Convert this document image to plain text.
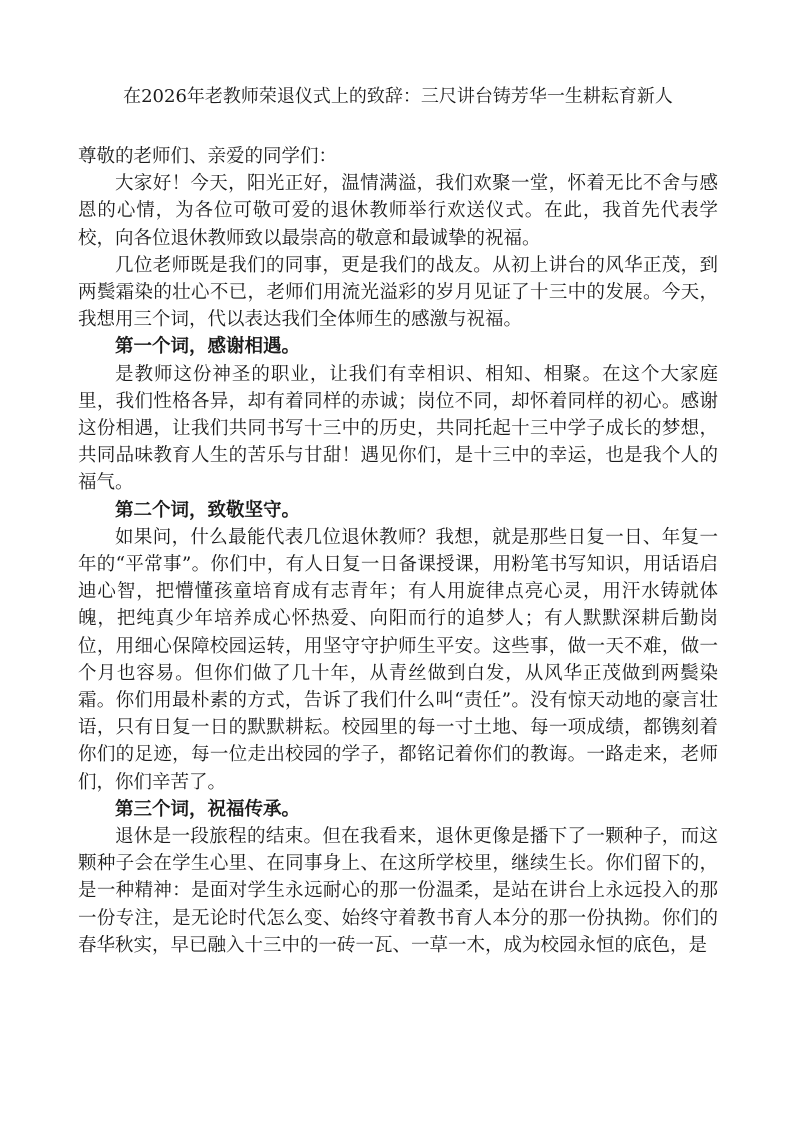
在2026年老教师荣退仪式上的致辞：三尺讲台铸芳华一生耕耘育新人

尊敬的老师们、亲爱的同学们：

大家好！今天，阳光正好，温情满溢，我们欢聚一堂，怀着无比不舍与感恩的心情，为各位可敬可爱的退休教师举行欢送仪式。在此，我首先代表学校，向各位退休教师致以最崇高的敬意和最诚挚的祝福。

几位老师既是我们的同事，更是我们的战友。从初上讲台的风华正茂，到两鬓霜染的壮心不已，老师们用流光溢彩的岁月见证了十三中的发展。今天，我想用三个词，代以表达我们全体师生的感激与祝福。

第一个词，感谢相遇。

是教师这份神圣的职业，让我们有幸相识、相知、相聚。在这个大家庭里，我们性格各异，却有着同样的赤诚；岗位不同，却怀着同样的初心。感谢这份相遇，让我们共同书写十三中的历史，共同托起十三中学子成长的梦想，共同品味教育人生的苦乐与甘甜！遇见你们，是十三中的幸运，也是我个人的福气。

第二个词，致敬坚守。

如果问，什么最能代表几位退休教师？我想，就是那些日复一日、年复一年的“平常事”。你们中，有人日复一日备课授课，用粉笔书写知识，用话语启迪心智，把懵懂孩童培育成有志青年；有人用旋律点亮心灵，用汗水铸就体魄，把纯真少年培养成心怀热爱、向阳而行的追梦人；有人默默深耕后勤岗位，用细心保障校园运转，用坚守守护师生平安。这些事，做一天不难，做一个月也容易。但你们做了几十年，从青丝做到白发，从风华正茂做到两鬓染霜。你们用最朴素的方式，告诉了我们什么叫“责任”。没有惊天动地的豪言壮语，只有日复一日的默默耕耘。校园里的每一寸土地、每一项成绩，都镌刻着你们的足迹，每一位走出校园的学子，都铭记着你们的教诲。一路走来，老师们，你们辛苦了。

第三个词，祝福传承。

退休是一段旅程的结束。但在我看来，退休更像是播下了一颗种子，而这颗种子会在学生心里、在同事身上、在这所学校里，继续生长。你们留下的，是一种精神：是面对学生永远耐心的那一份温柔，是站在讲台上永远投入的那一份专注，是无论时代怎么变、始终守着教书育人本分的那一份执拗。你们的春华秋实，早已融入十三中的一砖一瓦、一草一木，成为校园永恒的底色，是
